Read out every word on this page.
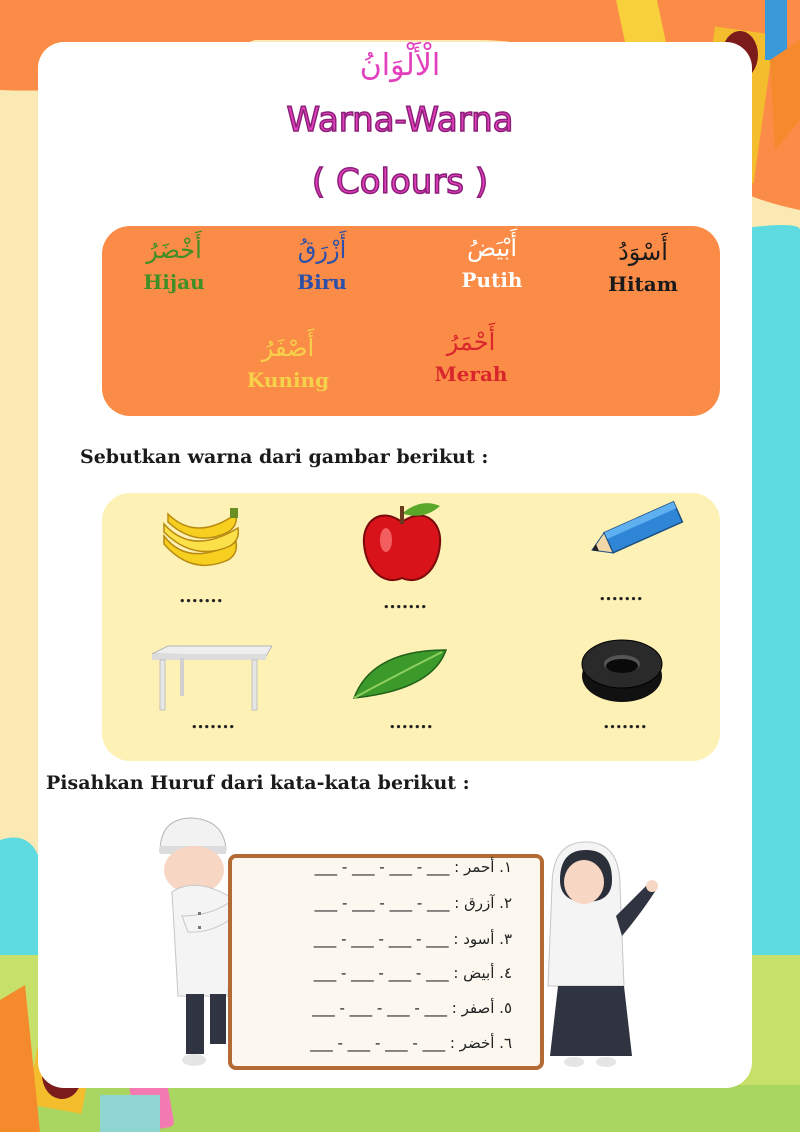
الْأَلْوَانُ
Warna-Warna
( Colours )
أَخْضَرُ
Hijau
أَزْرَقُ
Biru
أَبْيَضُ
Putih
أَسْوَدُ
Hitam
أَصْفَرُ
Kuning
أَحْمَرُ
Merah
Sebutkan warna dari gambar berikut :
.......	.......	.......
.......	.......	.......
Pisahkan Huruf dari kata-kata berikut :
١. أحمر : ___ - ___ - ___ - ___
٢. آزرق : ___ - ___ - ___ - ___
٣. أسود : ___ - ___ - ___ - ___
٤. أبيض : ___ - ___ - ___ - ___
٥. أصفر : ___ - ___ - ___ - ___
٦. أخضر : ___ - ___ - ___ - ___
